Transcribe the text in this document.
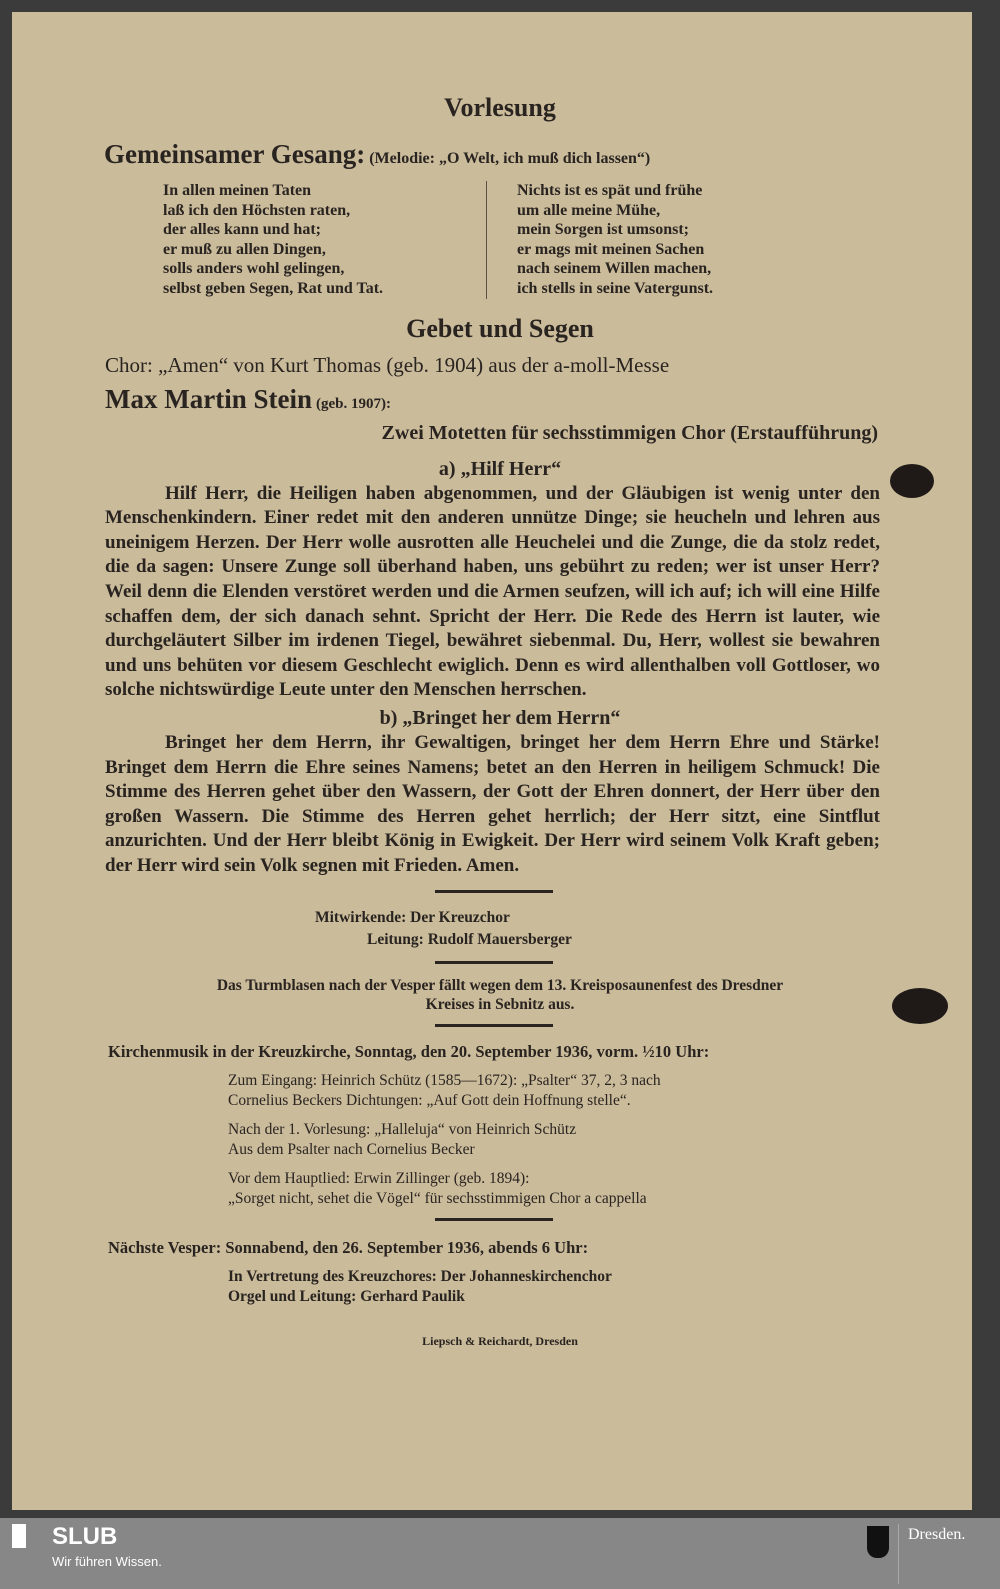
Vorlesung
Gemeinsamer Gesang: (Melodie: „O Welt, ich muß dich lassen“)
In allen meinen Taten
laß ich den Höchsten raten,
der alles kann und hat;
er muß zu allen Dingen,
solls anders wohl gelingen,
selbst geben Segen, Rat und Tat.
Nichts ist es spät und frühe
um alle meine Mühe,
mein Sorgen ist umsonst;
er mags mit meinen Sachen
nach seinem Willen machen,
ich stells in seine Vatergunst.
Gebet und Segen
Chor: „Amen“ von Kurt Thomas (geb. 1904) aus der a-moll-Messe
Max Martin Stein (geb. 1907):
Zwei Motetten für sechsstimmigen Chor (Erstaufführung)
a) „Hilf Herr“
Hilf Herr, die Heiligen haben abgenommen, und der Gläubigen ist wenig unter den Menschenkindern. Einer redet mit den anderen unnütze Dinge; sie heucheln und lehren aus uneinigem Herzen. Der Herr wolle ausrotten alle Heuchelei und die Zunge, die da stolz redet, die da sagen: Unsere Zunge soll überhand haben, uns gebührt zu reden; wer ist unser Herr? Weil denn die Elenden verstöret werden und die Armen seufzen, will ich auf; ich will eine Hilfe schaffen dem, der sich danach sehnt. Spricht der Herr. Die Rede des Herrn ist lauter, wie durchgeläutert Silber im irdenen Tiegel, bewähret siebenmal. Du, Herr, wollest sie bewahren und uns behüten vor diesem Geschlecht ewiglich. Denn es wird allenthalben voll Gottloser, wo solche nichtswürdige Leute unter den Menschen herrschen.
b) „Bringet her dem Herrn“
Bringet her dem Herrn, ihr Gewaltigen, bringet her dem Herrn Ehre und Stärke! Bringet dem Herrn die Ehre seines Namens; betet an den Herren in heiligem Schmuck! Die Stimme des Herren gehet über den Wassern, der Gott der Ehren donnert, der Herr über den großen Wassern. Die Stimme des Herren gehet herrlich; der Herr sitzt, eine Sintflut anzurichten. Und der Herr bleibt König in Ewigkeit. Der Herr wird seinem Volk Kraft geben; der Herr wird sein Volk segnen mit Frieden. Amen.
Mitwirkende: Der Kreuzchor
Leitung: Rudolf Mauersberger
Das Turmblasen nach der Vesper fällt wegen dem 13. Kreisposaunenfest des Dresdner
Kreises in Sebnitz aus.
Kirchenmusik in der Kreuzkirche, Sonntag, den 20. September 1936, vorm. ½10 Uhr:
Zum Eingang: Heinrich Schütz (1585—1672): „Psalter“ 37, 2, 3 nach
Cornelius Beckers Dichtungen: „Auf Gott dein Hoffnung stelle“.
Nach der 1. Vorlesung: „Halleluja“ von Heinrich Schütz
Aus dem Psalter nach Cornelius Becker
Vor dem Hauptlied: Erwin Zillinger (geb. 1894):
„Sorget nicht, sehet die Vögel“ für sechsstimmigen Chor a cappella
Nächste Vesper: Sonnabend, den 26. September 1936, abends 6 Uhr:
In Vertretung des Kreuzchores: Der Johanneskirchenchor
Orgel und Leitung: Gerhard Paulik
Liepsch & Reichardt, Dresden
SLUB
Wir führen Wissen.
Dresden.
